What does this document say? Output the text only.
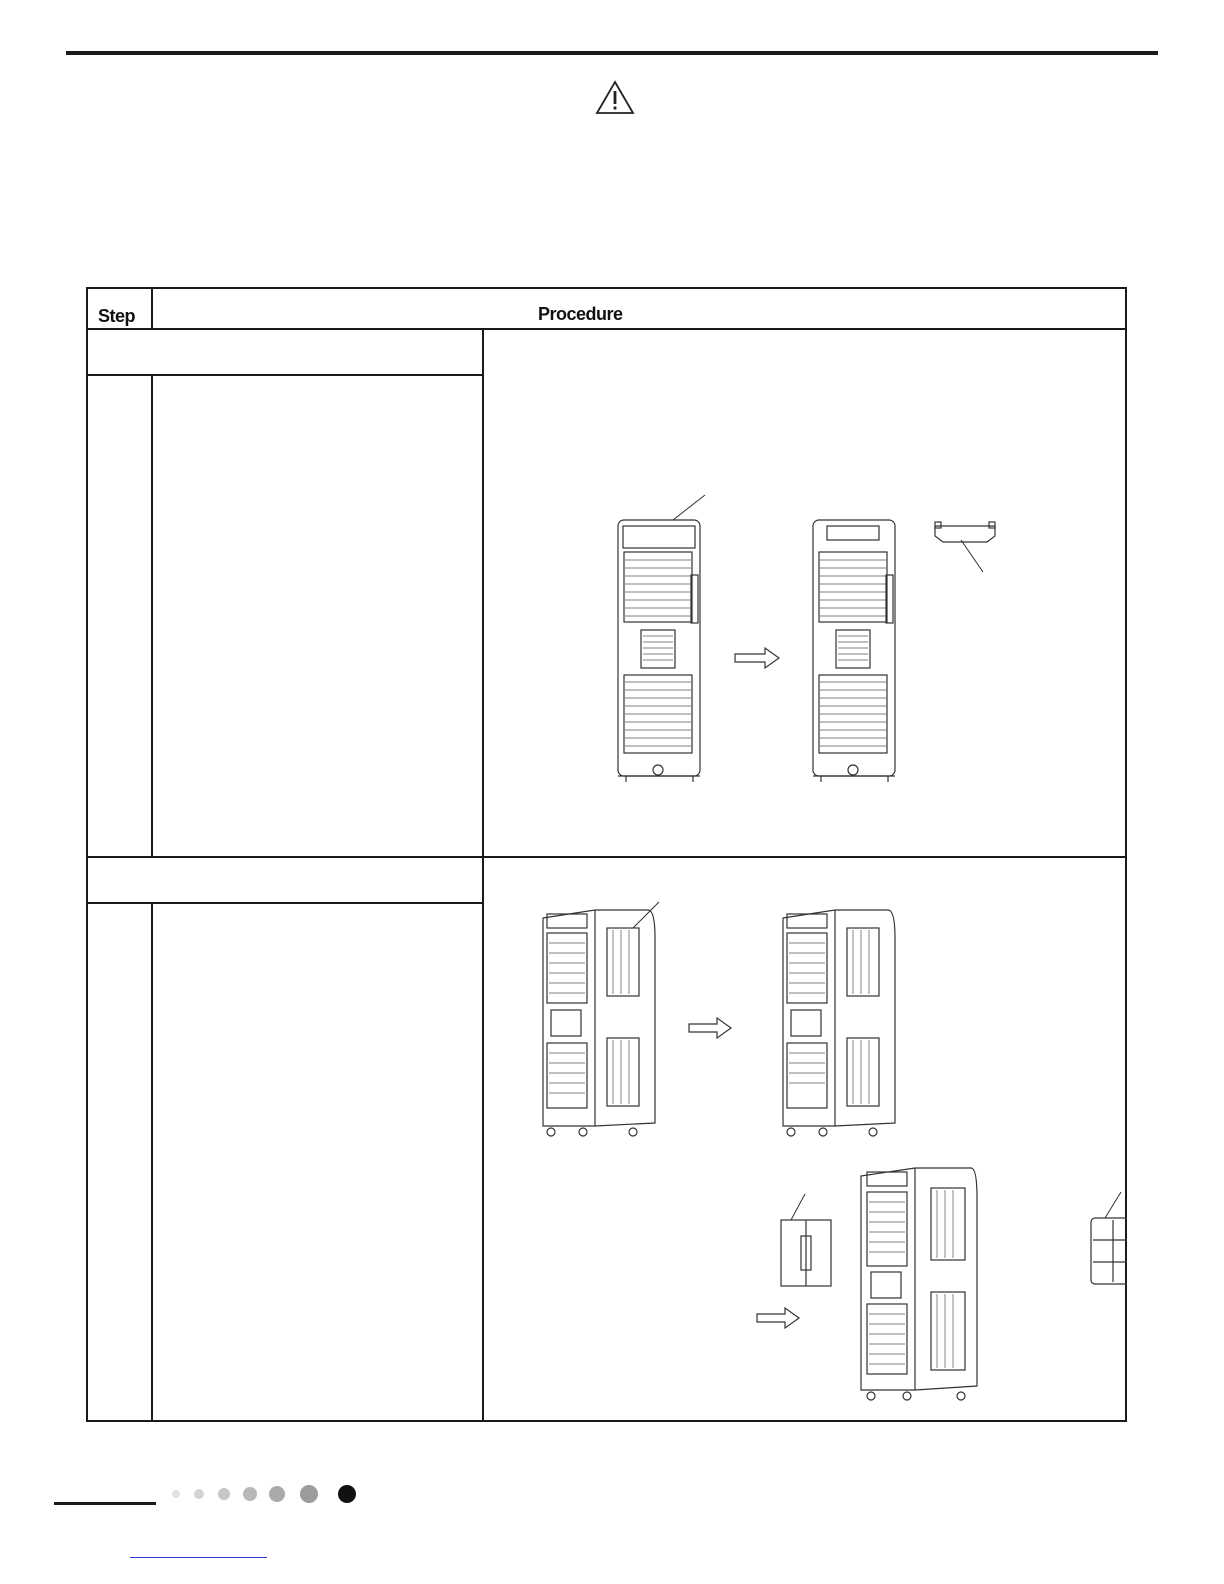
Step	Procedure
